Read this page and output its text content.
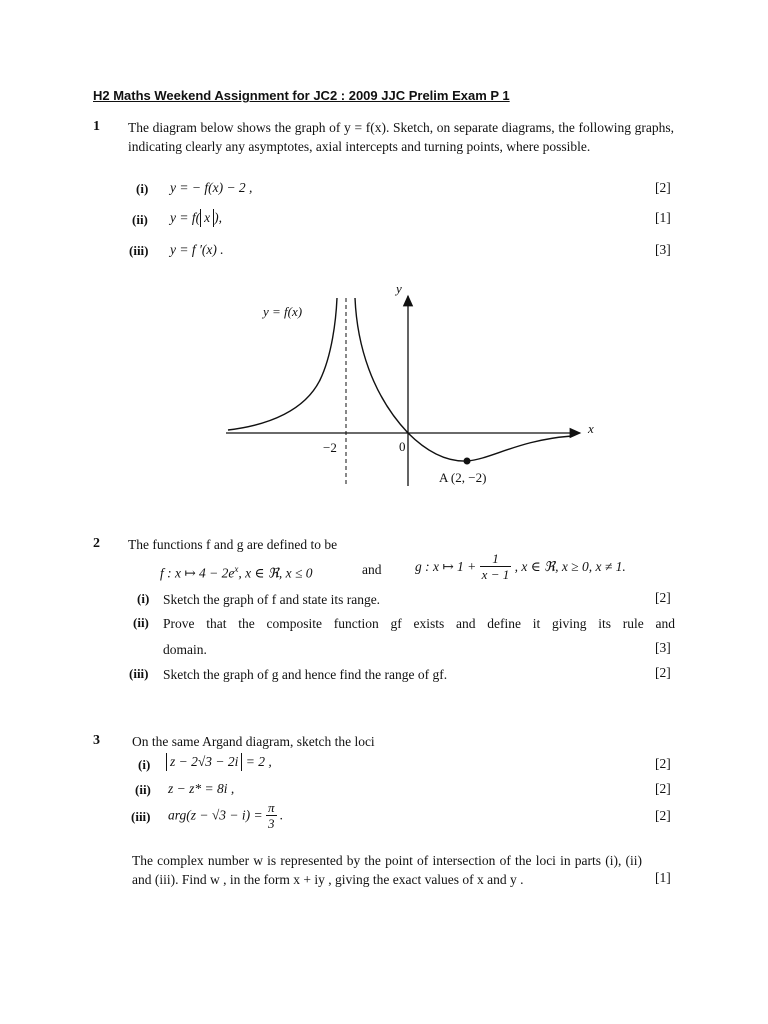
H2 Maths Weekend Assignment for JC2 : 2009 JJC Prelim Exam P 1
1 The diagram below shows the graph of y = f(x). Sketch, on separate diagrams, the following graphs, indicating clearly any asymptotes, axial intercepts and turning points, where possible.
(i) y = − f(x) − 2 ,	[2]
(ii) y = f( x ),	[1]
(iii) y = f ′(x) .	[3]
y = f(x)
x
y
−2	0
A (2, −2)
2 The functions f and g are defined to be
f : x ↦ $4 - 2e^x$, x ∈ ℜ, x ≤ 0	and g : x ↦ $1 + \frac{1}{x - 1}$ , x ∈ ℜ, x ≥ 0, x ≠ 1.
(i) Sketch the graph of f and state its range.	[2]
(ii) Prove that the composite function gf exists and define it giving its rule and
domain.	[3]
(iii) Sketch the graph of g and hence find the range of gf.	[2]
3 On the same Argand diagram, sketch the loci
(i) z − 2√3 − 2i = 2 ,	[2]
(ii) z − z* = 8i ,	[2]
(iii) $arg(z - √3 - i) = \frac{\pi}{3}$ .	[2]
The complex number w is represented by the point of intersection of the loci in parts (i), (ii) and (iii). Find w , in the form x + iy , giving the exact values of x and y .	[1]
